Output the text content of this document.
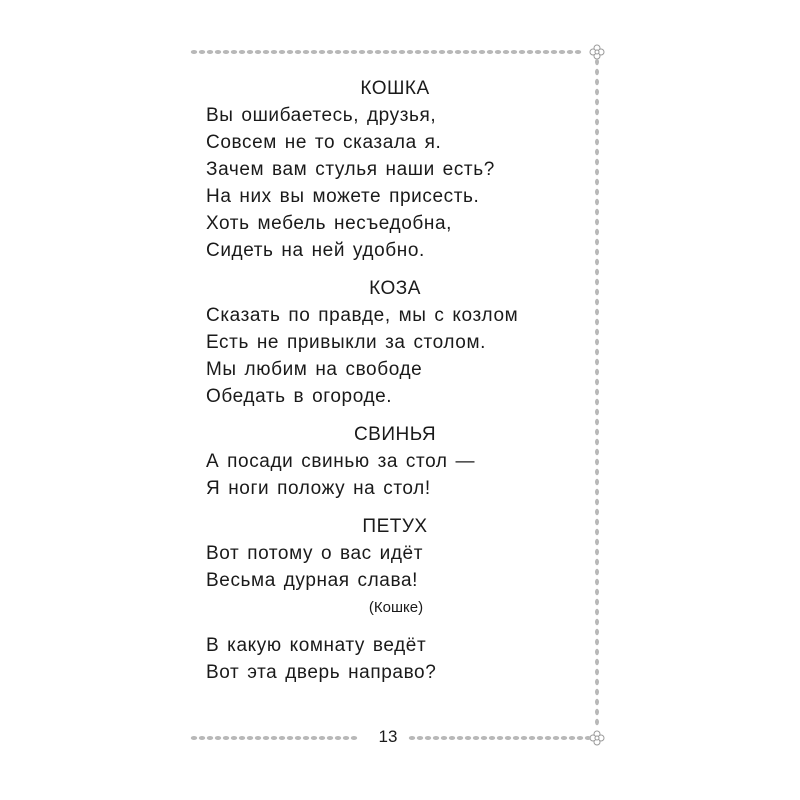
КОШКА
Вы ошибаетесь, друзья,
Совсем не то сказала я.
Зачем вам стулья наши есть?
На них вы можете присесть.
Хоть мебель несъедобна,
Сидеть на ней удобно.
КОЗА
Сказать по правде, мы с козлом
Есть не привыкли за столом.
Мы любим на свободе
Обедать в огороде.
СВИНЬЯ
А посади свинью за стол —
Я ноги положу на стол!
ПЕТУХ
Вот потому о вас идёт
Весьма дурная слава!
(Кошке)
В какую комнату ведёт
Вот эта дверь направо?
13
